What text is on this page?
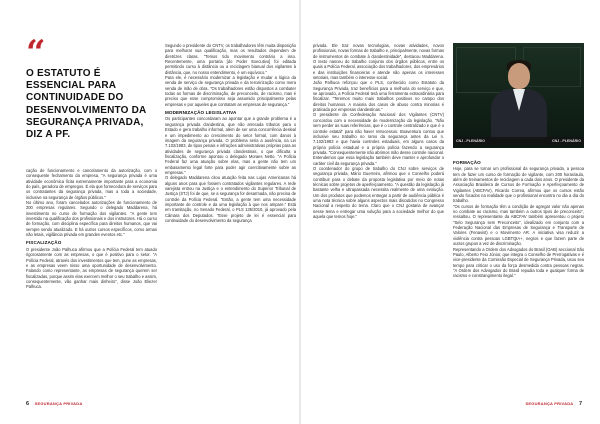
“
O ESTATUTO É ESSENCIAL PARA CONTINUIDADE DO DESENVOLVIMENTO DA SEGURANÇA PRIVADA, DIZ A PF.

cação de funcionamento e cancelamento da autorização, com o consequente fechamento da empresa. "A segurança privada é uma atividade econômica lícita extremamente importante para a economia do país, geradora de empregos. É ela que fornecedora de serviços para os contratantes da segurança privada, mas a toda a sociedade, inclusive na segurança de órgãos públicos."

No último ano, foram cancelados autorizações de funcionamento de 200 empresas regulares. Segundo o delegado Maddarena, há investimento no curso de formação dos vigilantes. "A gente tem investido na qualificação dos profissionais e dos instrutores. Há o curso de formação, com disciplina específica para direitos humanos, que vai sempre sendo atualizado. E há outros cursos específicos, como armas não letais, vigilância privada em grandes eventos etc."

FISCALIZAÇÃO

O presidente João Palhuca afirmou que a Polícia Federal tem atuado rigorosamente com as empresas, o que é positivo para o setor. "A Polícia Federal, através dos investimentos que tem, pune as empresas, e as empresas veem nisso uma oportunidade de desenvolvimento. Falando como representante, as empresas de segurança querem ser fiscalizadas, porque assim elas exercem melhor o seu trabalho e assim, consequentemente, vão ganhar mais dinheiro", disse João Eliezer Palhuca.

Segundo o presidente do CNTV, os trabalhadores têm muita disposição para melhorar sua qualificação, mas os resultados dependem de diretrizes claras. "Temos tido movimento contrário a isso. Recentemente, uma portaria [do Poder Executivo] foi editada permitindo curso à distância ou a reciclagem bianual dos vigilantes à distância, que, no nosso entendimento, é um equívoco."

Para ele, é necessário modernizar a legislação e mudar a lógica da venda de serviço de segurança privada e da terceirização como mera venda de mão de obra. "Os trabalhadores estão dispostos a combater todas as formas de discriminação, de preconceito, de racismo, mas é preciso que esse compromisso seja assumido principalmente pelas empresas e por aqueles que contratam as empresas de segurança."

MODERNIZAÇÃO LEGISLATIVA

Os participantes concordaram ao apontar que a grande problema é a segurança privada clandestina, que não arrecada tributos para o Estado e gera trabalho informal, além de ser uma concorrência desleal e um impedimento ao crescimento do setor formal, com danos à imagem da segurança privada. O problema seria a ausência, na Lei 7.102/1983, de tipos penais e infrações administrativas próprias para as atividades de segurança privada clandestinas, o que dificulta a fiscalização, conforme apontou o delegado Moraes Netto. "A Polícia Federal faz uma atuação sobre elas, mas a gente não tem um embasamento legal forte para poder agir coercitivamente sobre as empresas."

O delegado Maddarena citou atuação feita nas Lojas Americanas há alguns anos para que fossem contratados vigilantes regulares. A rede varejista entrou na Justiça e o entendimento do Superior Tribunal de Justiça (STJ) foi de que, se a segurança for desarmada, não precisa de controle da Polícia Federal. "Então, a gente tem uma necessidade importante de controle e da uma legislação à que nos ampare." Está em tramitação, no Senado Federal, o PLS 135/2010, já aprovado pela Câmara dos Deputados. "Esse projeto de lei é essencial para continuidade do desenvolvimento da segurança

6 SEGURANÇA PRIVADA

privada. Ele traz novas tecnologias, novas atividades, novos profissionais, novas formas de trabalho e, principalmente, novas formas de instrumentos de combate à clandestinidade", destacou Maddarena. O texto nasceu do trabalho conjunto dos órgãos públicos, entre os quais a Polícia Federal, associação dos trabalhadores, dos empresários e das instituições financeiras e atende não apenas os interesses setoriais, mas também o interesse social.

João Palhuca reforçou que o PLS, conhecido como Estatuto da Segurança Privada, traz benefícios para a melhoria do serviço e que, se aprovado, a Polícia Federal terá uma ferramenta extraordinária para fiscalizar. "Teremos muito mais trabalhos positivos no campo dos direitos humanos. A maioria dos casos de abuso contra minorias é praticada por empresas clandestinas."

O presidente da Confederação Nacional dos Vigilantes (CNTV) concordou com a necessidade de modernização da legislação. "Não sem perder as suas referências, que é o controle centralizado e que é o controle estatal" para não haver retrocessos. Boaventura contou que inclusive seu trabalho no ramo da segurança antes da Lei n. 7.102/1983 e que havia controles estaduais, em alguns casos da própria polícia estadual e a própria polícia fazendo a segurança privada. "Consequentemente não abrimos mão desse controle nacional. Entendemos que essa legislação também deve manter e aprofundar o caráter civil da segurança privada."

O coordenador do grupo de trabalho do CNJ sobre serviços de segurança privada, Mário Guerreiro, afirmou que o Conselho poderá contribuir para o debate da proposta legislativa por meio de notas técnicas sobre projetos de aperfeiçoamento. "A questão da legislação já bastante velha e ultrapassada necessita realmente de uma evolução. Um dos produtos que podemos entregar a partir de audiência pública é uma nota técnica sobre alguns aspectos mais discutidos no Congresso Nacional a respeito do tema. Claro que o CNJ gostaria de avançar nesse tema e entregar uma solução para a sociedade melhor do que aquela que temos hoje."

CNJ - PLENÁRIO	CNJ - PLENÁRIO
FORMAÇÃO

Hoje, para se tornar um profissional da segurança privada, a pessoa tem de fazer um curso de formação de vigilante, com 200 horas/aula, além de treinamentos de reciclagem a cada dois anos. O presidente da Associação Brasileira de Cursos de Formação e Aperfeiçoamento de Vigilantes (ABCFAV), Ricardo Correa, afirmou que os cursos estão sendo focados na realidade que o profissional encontra no dia a dia do trabalho.

"Os cursos de formação têm a condição de agregar valor não apenas no combate ao racismo, mas também a outros tipos de preconceito", ressaltou. O representante da ABCFAV também apresentou o projeto "Selo Segurança sem Preconceito", idealizado em conjunto com a Federação Nacional das Empresas de Segurança e Transporte de Valores (Fenavist) e o Movimento AR. A iniciativa visa reduzir a violência contra pessoas LGBTQIA+, negros e que fazem parte de outros grupos a vez de discriminação.

Representando a Ordem dos Advogados do Brasil (OAB) seccional São Paulo, Alberto Feio Júnior, que integra o Conselho de Prerrogativas e é vice-presidente da Comissão Especial de Segurança Privada, usou seu tempo para criticar o uso da força desmedida contra pessoas negras. "A Ordem dos Advogados do Brasil repudia toda e qualquer forma de racismo e constrangimento ilegal."

SEGURANÇA PRIVADA 7
